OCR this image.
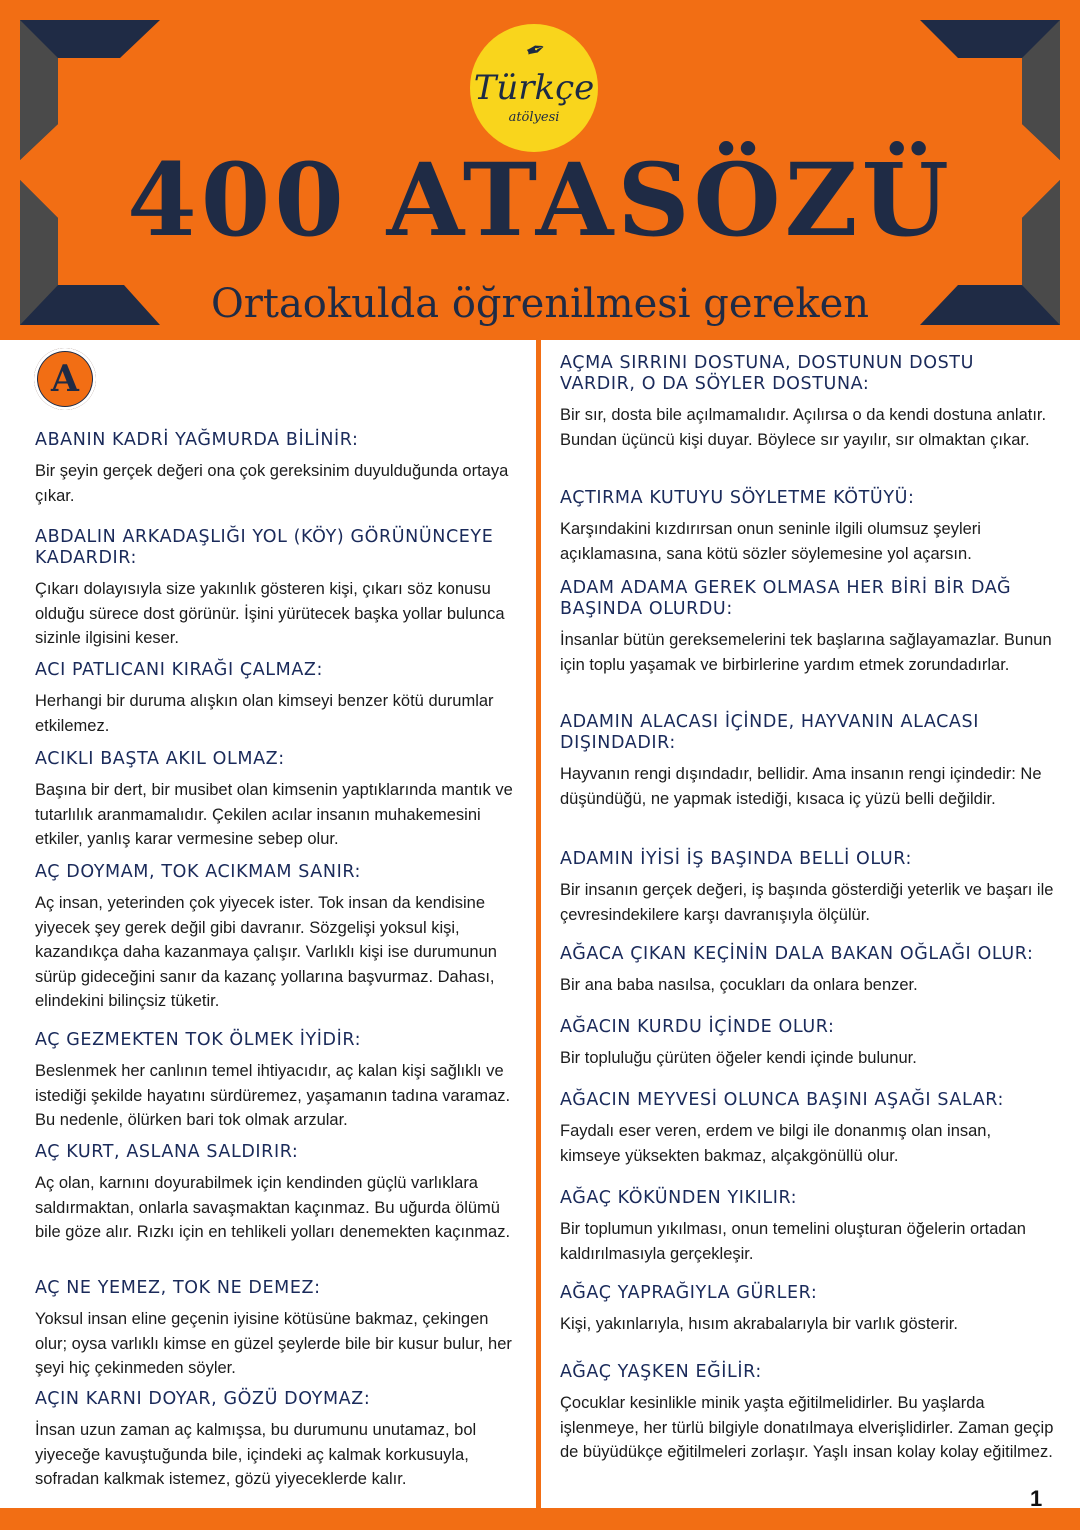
✒
Türkçe
atölyesi
400 ATASÖZÜ
Ortaokulda öğrenilmesi gereken
A

ABANIN KADRİ YAĞMURDA BİLİNİR:

Bir şeyin gerçek değeri ona çok gereksinim duyulduğunda ortaya çıkar.

ABDALIN ARKADAŞLIĞI YOL (KÖY) GÖRÜNÜNCEYE KADARDIR:

Çıkarı dolayısıyla size yakınlık gösteren kişi, çıkarı söz konusu olduğu sürece dost görünür. İşini yürütecek başka yollar bulunca sizinle ilgisini keser.

ACI PATLICANI KIRAĞI ÇALMAZ:

Herhangi bir duruma alışkın olan kimseyi benzer kötü durumlar etkilemez.

ACIKLI BAŞTA AKIL OLMAZ:

Başına bir dert, bir musibet olan kimsenin yaptıklarında mantık ve tutarlılık aranmamalıdır. Çekilen acılar insanın muhakemesini etkiler, yanlış karar vermesine sebep olur.

AÇ DOYMAM, TOK ACIKMAM SANIR:

Aç insan, yeterinden çok yiyecek ister. Tok insan da kendisine yiyecek şey gerek değil gibi davranır. Sözgelişi yoksul kişi, kazandıkça daha kazanmaya çalışır. Varlıklı kişi ise durumunun sürüp gideceğini sanır da kazanç yollarına başvurmaz. Dahası, elindekini bilinçsiz tüketir.

AÇ GEZMEKTEN TOK ÖLMEK İYİDİR:

Beslenmek her canlının temel ihtiyacıdır, aç kalan kişi sağlıklı ve istediği şekilde hayatını sürdüremez, yaşamanın tadına varamaz. Bu nedenle, ölürken bari tok olmak arzular.

AÇ KURT, ASLANA SALDIRIR:

Aç olan, karnını doyurabilmek için kendinden güçlü varlıklara saldırmaktan, onlarla savaşmaktan kaçınmaz. Bu uğurda ölümü bile göze alır. Rızkı için en tehlikeli yolları denemekten kaçınmaz.

AÇ NE YEMEZ, TOK NE DEMEZ:

Yoksul insan eline geçenin iyisine kötüsüne bakmaz, çekingen olur; oysa varlıklı kimse en güzel şeylerde bile bir kusur bulur, her şeyi hiç çekinmeden söyler.

AÇIN KARNI DOYAR, GÖZÜ DOYMAZ:

İnsan uzun zaman aç kalmışsa, bu durumunu unutamaz, bol yiyeceğe kavuştuğunda bile, içindeki aç kalmak korkusuyla, sofradan kalkmak istemez, gözü yiyeceklerde kalır.

AÇMA SIRRINI DOSTUNA, DOSTUNUN DOSTU VARDIR, O DA SÖYLER DOSTUNA:

Bir sır, dosta bile açılmamalıdır. Açılırsa o da kendi dostuna anlatır. Bundan üçüncü kişi duyar. Böylece sır yayılır, sır olmaktan çıkar.

AÇTIRMA KUTUYU SÖYLETME KÖTÜYÜ:

Karşındakini kızdırırsan onun seninle ilgili olumsuz şeyleri açıklamasına, sana kötü sözler söylemesine yol açarsın.

ADAM ADAMA GEREK OLMASA HER BİRİ BİR DAĞ BAŞINDA OLURDU:

İnsanlar bütün gereksemelerini tek başlarına sağlayamazlar. Bunun için toplu yaşamak ve birbirlerine yardım etmek zorundadırlar.

ADAMIN ALACASI İÇİNDE, HAYVANIN ALACASI DIŞINDADIR:

Hayvanın rengi dışındadır, bellidir. Ama insanın rengi içindedir: Ne düşündüğü, ne yapmak istediği, kısaca iç yüzü belli değildir.

ADAMIN İYİSİ İŞ BAŞINDA BELLİ OLUR:

Bir insanın gerçek değeri, iş başında gösterdiği yeterlik ve başarı ile çevresindekilere karşı davranışıyla ölçülür.

AĞACA ÇIKAN KEÇİNİN DALA BAKAN OĞLAĞI OLUR:

Bir ana baba nasılsa, çocukları da onlara benzer.

AĞACIN KURDU İÇİNDE OLUR:

Bir topluluğu çürüten öğeler kendi içinde bulunur.

AĞACIN MEYVESİ OLUNCA BAŞINI AŞAĞI SALAR:

Faydalı eser veren, erdem ve bilgi ile donanmış olan insan, kimseye yüksekten bakmaz, alçakgönüllü olur.

AĞAÇ KÖKÜNDEN YIKILIR:

Bir toplumun yıkılması, onun temelini oluşturan öğelerin ortadan kaldırılmasıyla gerçekleşir.

AĞAÇ YAPRAĞIYLA GÜRLER:

Kişi, yakınlarıyla, hısım akrabalarıyla bir varlık gösterir.

AĞAÇ YAŞKEN EĞİLİR:

Çocuklar kesinlikle minik yaşta eğitilmelidirler. Bu yaşlarda işlenmeye, her türlü bilgiyle donatılmaya elverişlidirler. Zaman geçip de büyüdükçe eğitilmeleri zorlaşır. Yaşlı insan kolay kolay eğitilmez.

1
